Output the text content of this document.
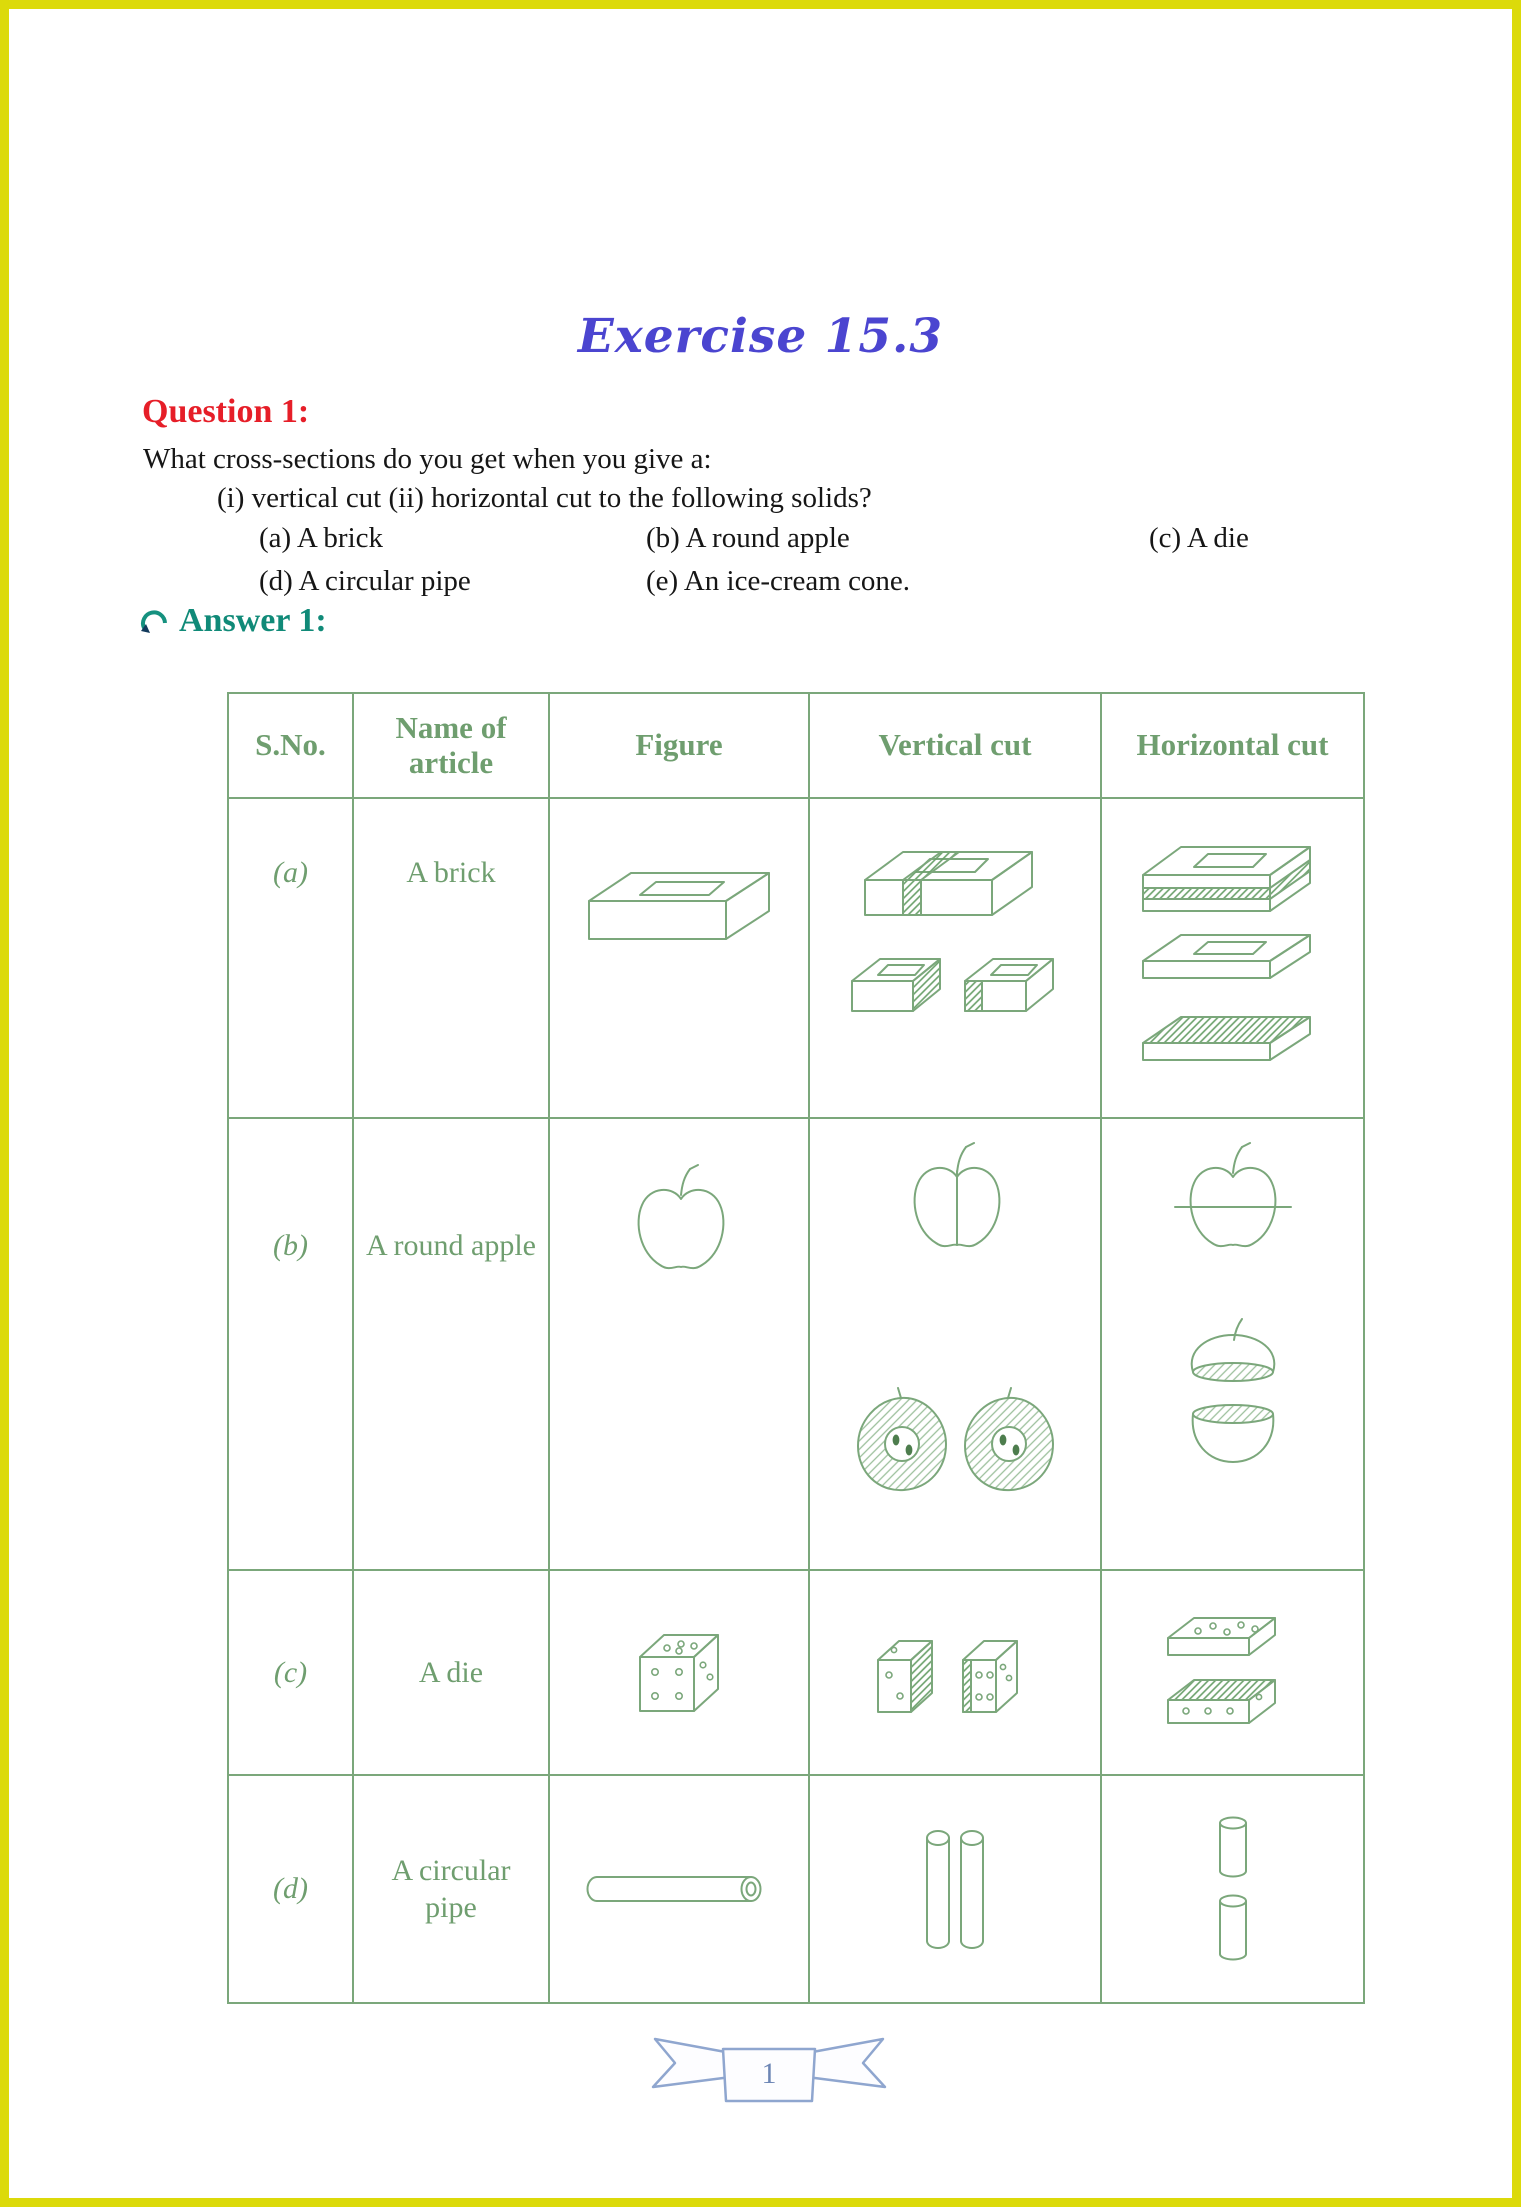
Exercise 15.3
Question 1:
What cross-sections do you get when you give a:
(i) vertical cut (ii) horizontal cut to the following solids?
(a) A brick	(b) A round apple	(c) A die
(d) A circular pipe	(e) An ice-cream cone.
Answer 1:
S.No.	Name of article	Figure	Vertical cut	Horizontal cut
(a)	A brick	

(b)	A round apple	

(c)	A die	

(d)	A circular pipe	

1
